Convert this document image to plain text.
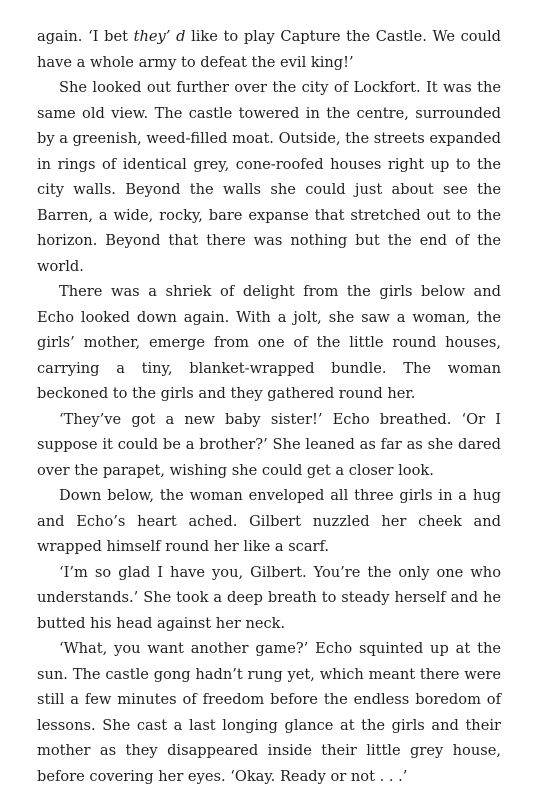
again. ‘I bet they’ d like to play Capture the Castle. We could have a whole army to defeat the evil king!’

She looked out further over the city of Lockfort. It was the same old view. The castle towered in the centre, surrounded by a greenish, weed-filled moat. Outside, the streets expanded in rings of identical grey, cone-roofed houses right up to the city walls. Beyond the walls she could just about see the Barren, a wide, rocky, bare expanse that stretched out to the horizon. Beyond that there was nothing but the end of the world.

There was a shriek of delight from the girls below and Echo looked down again. With a jolt, she saw a woman, the girls’ mother, emerge from one of the little round houses, carrying a tiny, blanket-wrapped bundle. The woman beckoned to the girls and they gathered round her.

‘They’ve got a new baby sister!’ Echo breathed. ‘Or I suppose it could be a brother?’ She leaned as far as she dared over the parapet, wishing she could get a closer look.

Down below, the woman enveloped all three girls in a hug and Echo’s heart ached. Gilbert nuzzled her cheek and wrapped himself round her like a scarf.

‘I’m so glad I have you, Gilbert. You’re the only one who understands.’ She took a deep breath to steady herself and he butted his head against her neck.

‘What, you want another game?’ Echo squinted up at the sun. The castle gong hadn’t rung yet, which meant there were still a few minutes of freedom before the endless boredom of lessons. She cast a last longing glance at the girls and their mother as they disappeared inside their little grey house, before covering her eyes. ‘Okay. Ready or not . . .’
